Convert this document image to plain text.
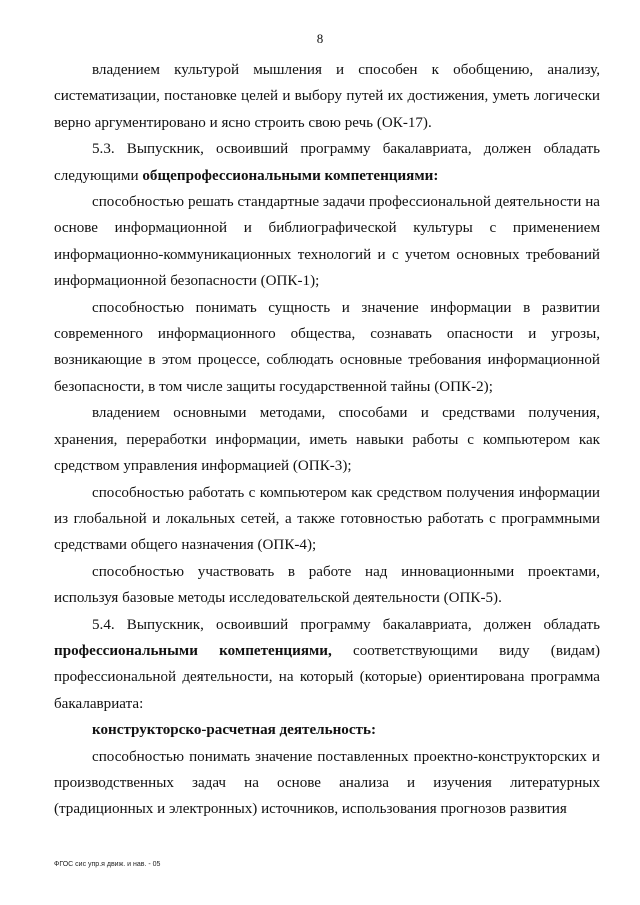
8

владением культурой мышления и способен к обобщению, анализу, систематизации, постановке целей и выбору путей их достижения, уметь логически верно аргументировано и ясно строить свою речь (ОК-17).

5.3. Выпускник, освоивший программу бакалавриата, должен обладать следующими общепрофессиональными компетенциями:

способностью решать стандартные задачи профессиональной деятельности на основе информационной и библиографической культуры с применением информационно-коммуникационных технологий и с учетом основных требований информационной безопасности (ОПК-1);

способностью понимать сущность и значение информации в развитии современного информационного общества, сознавать опасности и угрозы, возникающие в этом процессе, соблюдать основные требования информационной безопасности, в том числе защиты государственной тайны (ОПК-2);

владением основными методами, способами и средствами получения, хранения, переработки информации, иметь навыки работы с компьютером как средством управления информацией (ОПК-3);

способностью работать с компьютером как средством получения информации из глобальной и локальных сетей, а также готовностью работать с программными средствами общего назначения (ОПК-4);

способностью участвовать в работе над инновационными проектами, используя базовые методы исследовательской деятельности (ОПК-5).

5.4. Выпускник, освоивший программу бакалавриата, должен обладать профессиональными компетенциями, соответствующими виду (видам) профессиональной деятельности, на который (которые) ориентирована программа бакалавриата:

конструкторско-расчетная деятельность:

способностью понимать значение поставленных проектно-конструкторских и производственных задач на основе анализа и изучения литературных (традиционных и электронных) источников, использования прогнозов развития

ФГОС сис упр.я движ. и нав. - 05
